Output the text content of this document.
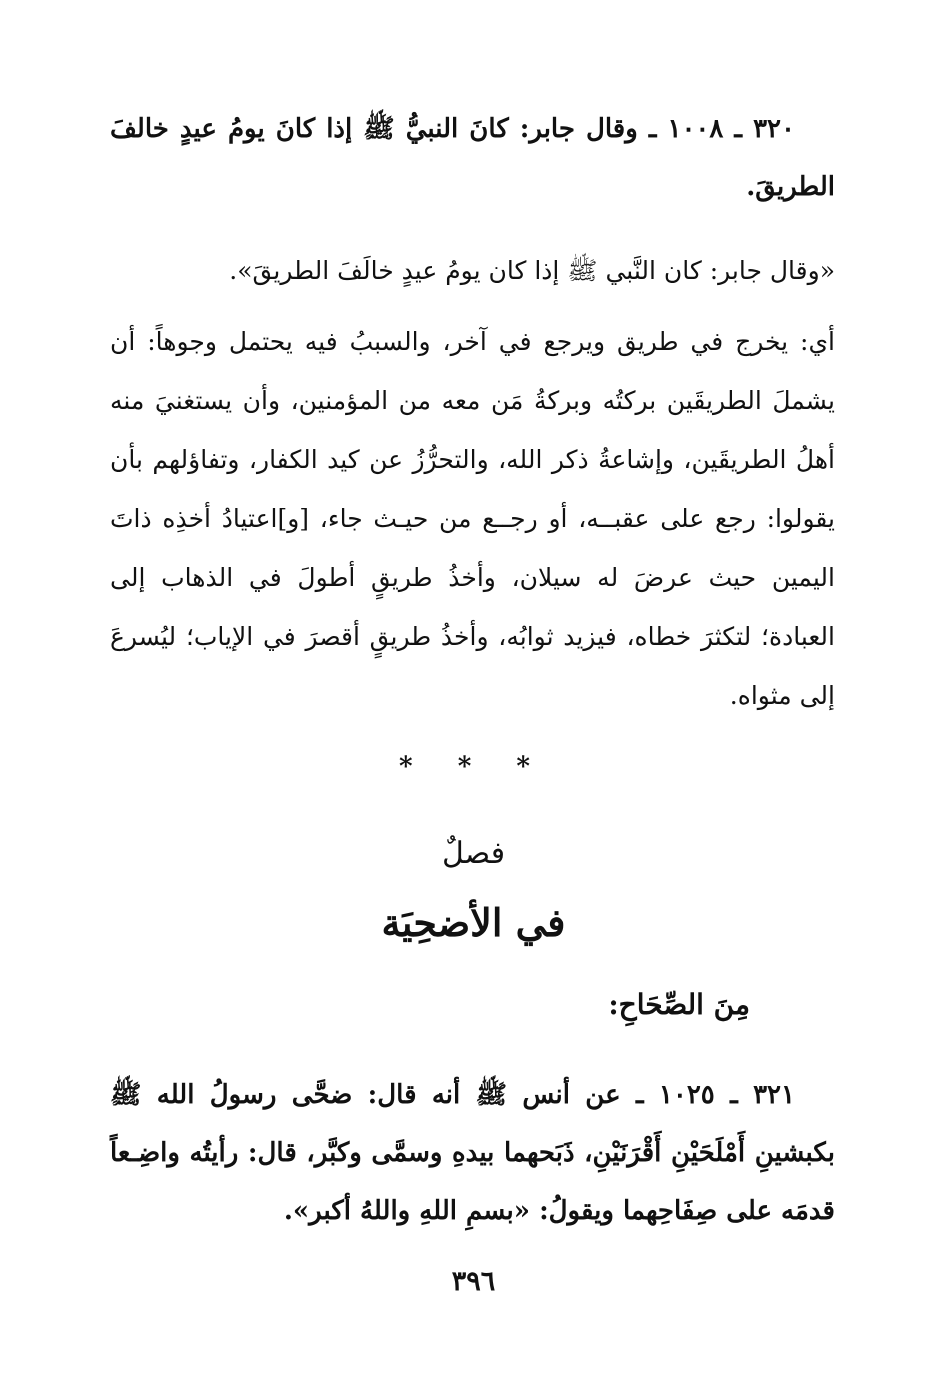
٣٢٠ ـ ١٠٠٨ ـ وقال جابر: كانَ النبيُّ ﷺ إذا كانَ يومُ عيدٍ خالفَ الطريقَ.
«وقال جابر: كان النَّبي ﷺ إذا كان يومُ عيدٍ خالَفَ الطريقَ».
أي: يخرج في طريق ويرجع في آخر، والسببُ فيه يحتمل وجوهاً: أن يشملَ الطريقَين بركتُه وبركةُ مَن معه من المؤمنين، وأن يستغنيَ منه أهلُ الطريقَين، وإشاعةُ ذكر الله، والتحرُّزُ عن كيد الكفار، وتفاؤلهم بأن يقولوا: رجع على عقبــه، أو رجــع من حيـث جاء، [و]اعتيادُ أخذِه ذاتَ اليمين حيث عرضَ له سيلان، وأخذُ طريقٍ أطولَ في الذهاب إلى العبادة؛ لتكثرَ خطاه، فيزيد ثوابُه، وأخذُ طريقٍ أقصرَ في الإياب؛ ليُسرعَ إلى مثواه.
* * *
فصلٌ
في الأضحِيَة
مِنَ الصِّحَاحِ:
٣٢١ ـ ١٠٢٥ ـ عن أنس ﷺ أنه قال: ضحَّى رسولُ الله ﷺ بكبشينِ أَمْلَحَيْنِ أَقْرَنَيْنِ، ذَبَحهما بيدهِ وسمَّى وكبَّر، قال: رأيتُه واضِـعاً قدمَه على صِفَاحِهما ويقولُ: «بسمِ اللهِ واللهُ أكبر».
٣٩٦
